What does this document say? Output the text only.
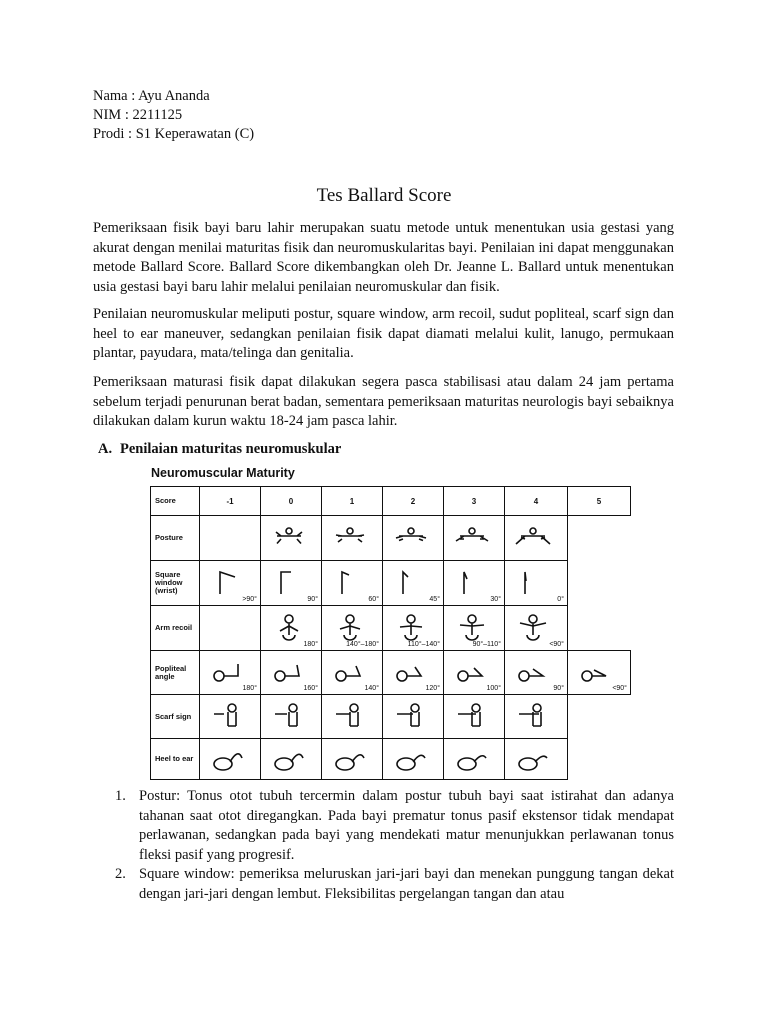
Nama : Ayu Ananda
NIM : 2211125
Prodi : S1 Keperawatan (C)
Tes Ballard Score
Pemeriksaan fisik bayi baru lahir merupakan suatu metode untuk menentukan usia gestasi yang akurat dengan menilai maturitas fisik dan neuromuskularitas bayi. Penilaian ini dapat menggunakan metode Ballard Score. Ballard Score dikembangkan oleh Dr. Jeanne L. Ballard untuk menentukan usia gestasi bayi baru lahir melalui penilaian neuromuskular dan fisik.
Penilaian neuromuskular meliputi postur, square window, arm recoil, sudut popliteal, scarf sign dan heel to ear maneuver, sedangkan penilaian fisik dapat diamati melalui kulit, lanugo, permukaan plantar, payudara, mata/telinga dan genitalia.
Pemeriksaan maturasi fisik dapat dilakukan segera pasca stabilisasi atau dalam 24 jam pertama sebelum terjadi penurunan berat badan, sementara pemeriksaan maturitas neurologis bayi sebaiknya dilakukan dalam kurun waktu 18-24 jam pasca lahir.
A. Penilaian maturitas neuromuskular
Neuromuscular Maturity
Score	-1	0	1	2	3	4	5

Posture

Square window (wrist)	>90°	90°	60°	45°	30°	0°	

Arm recoil		180°	140°–180°	110°–140°	90°–110°	<90°	

Popliteal angle	180°	160°	140°	120°	100°	90°	<90°

Scarf sign

Heel to ear

1. Postur: Tonus otot tubuh tercermin dalam postur tubuh bayi saat istirahat dan adanya tahanan saat otot diregangkan. Pada bayi prematur tonus pasif ekstensor tidak mendapat perlawanan, sedangkan pada bayi yang mendekati matur menunjukkan perlawanan tonus fleksi pasif yang progresif.
2. Square window: pemeriksa meluruskan jari-jari bayi dan menekan punggung tangan dekat dengan jari-jari dengan lembut. Fleksibilitas pergelangan tangan dan atau
